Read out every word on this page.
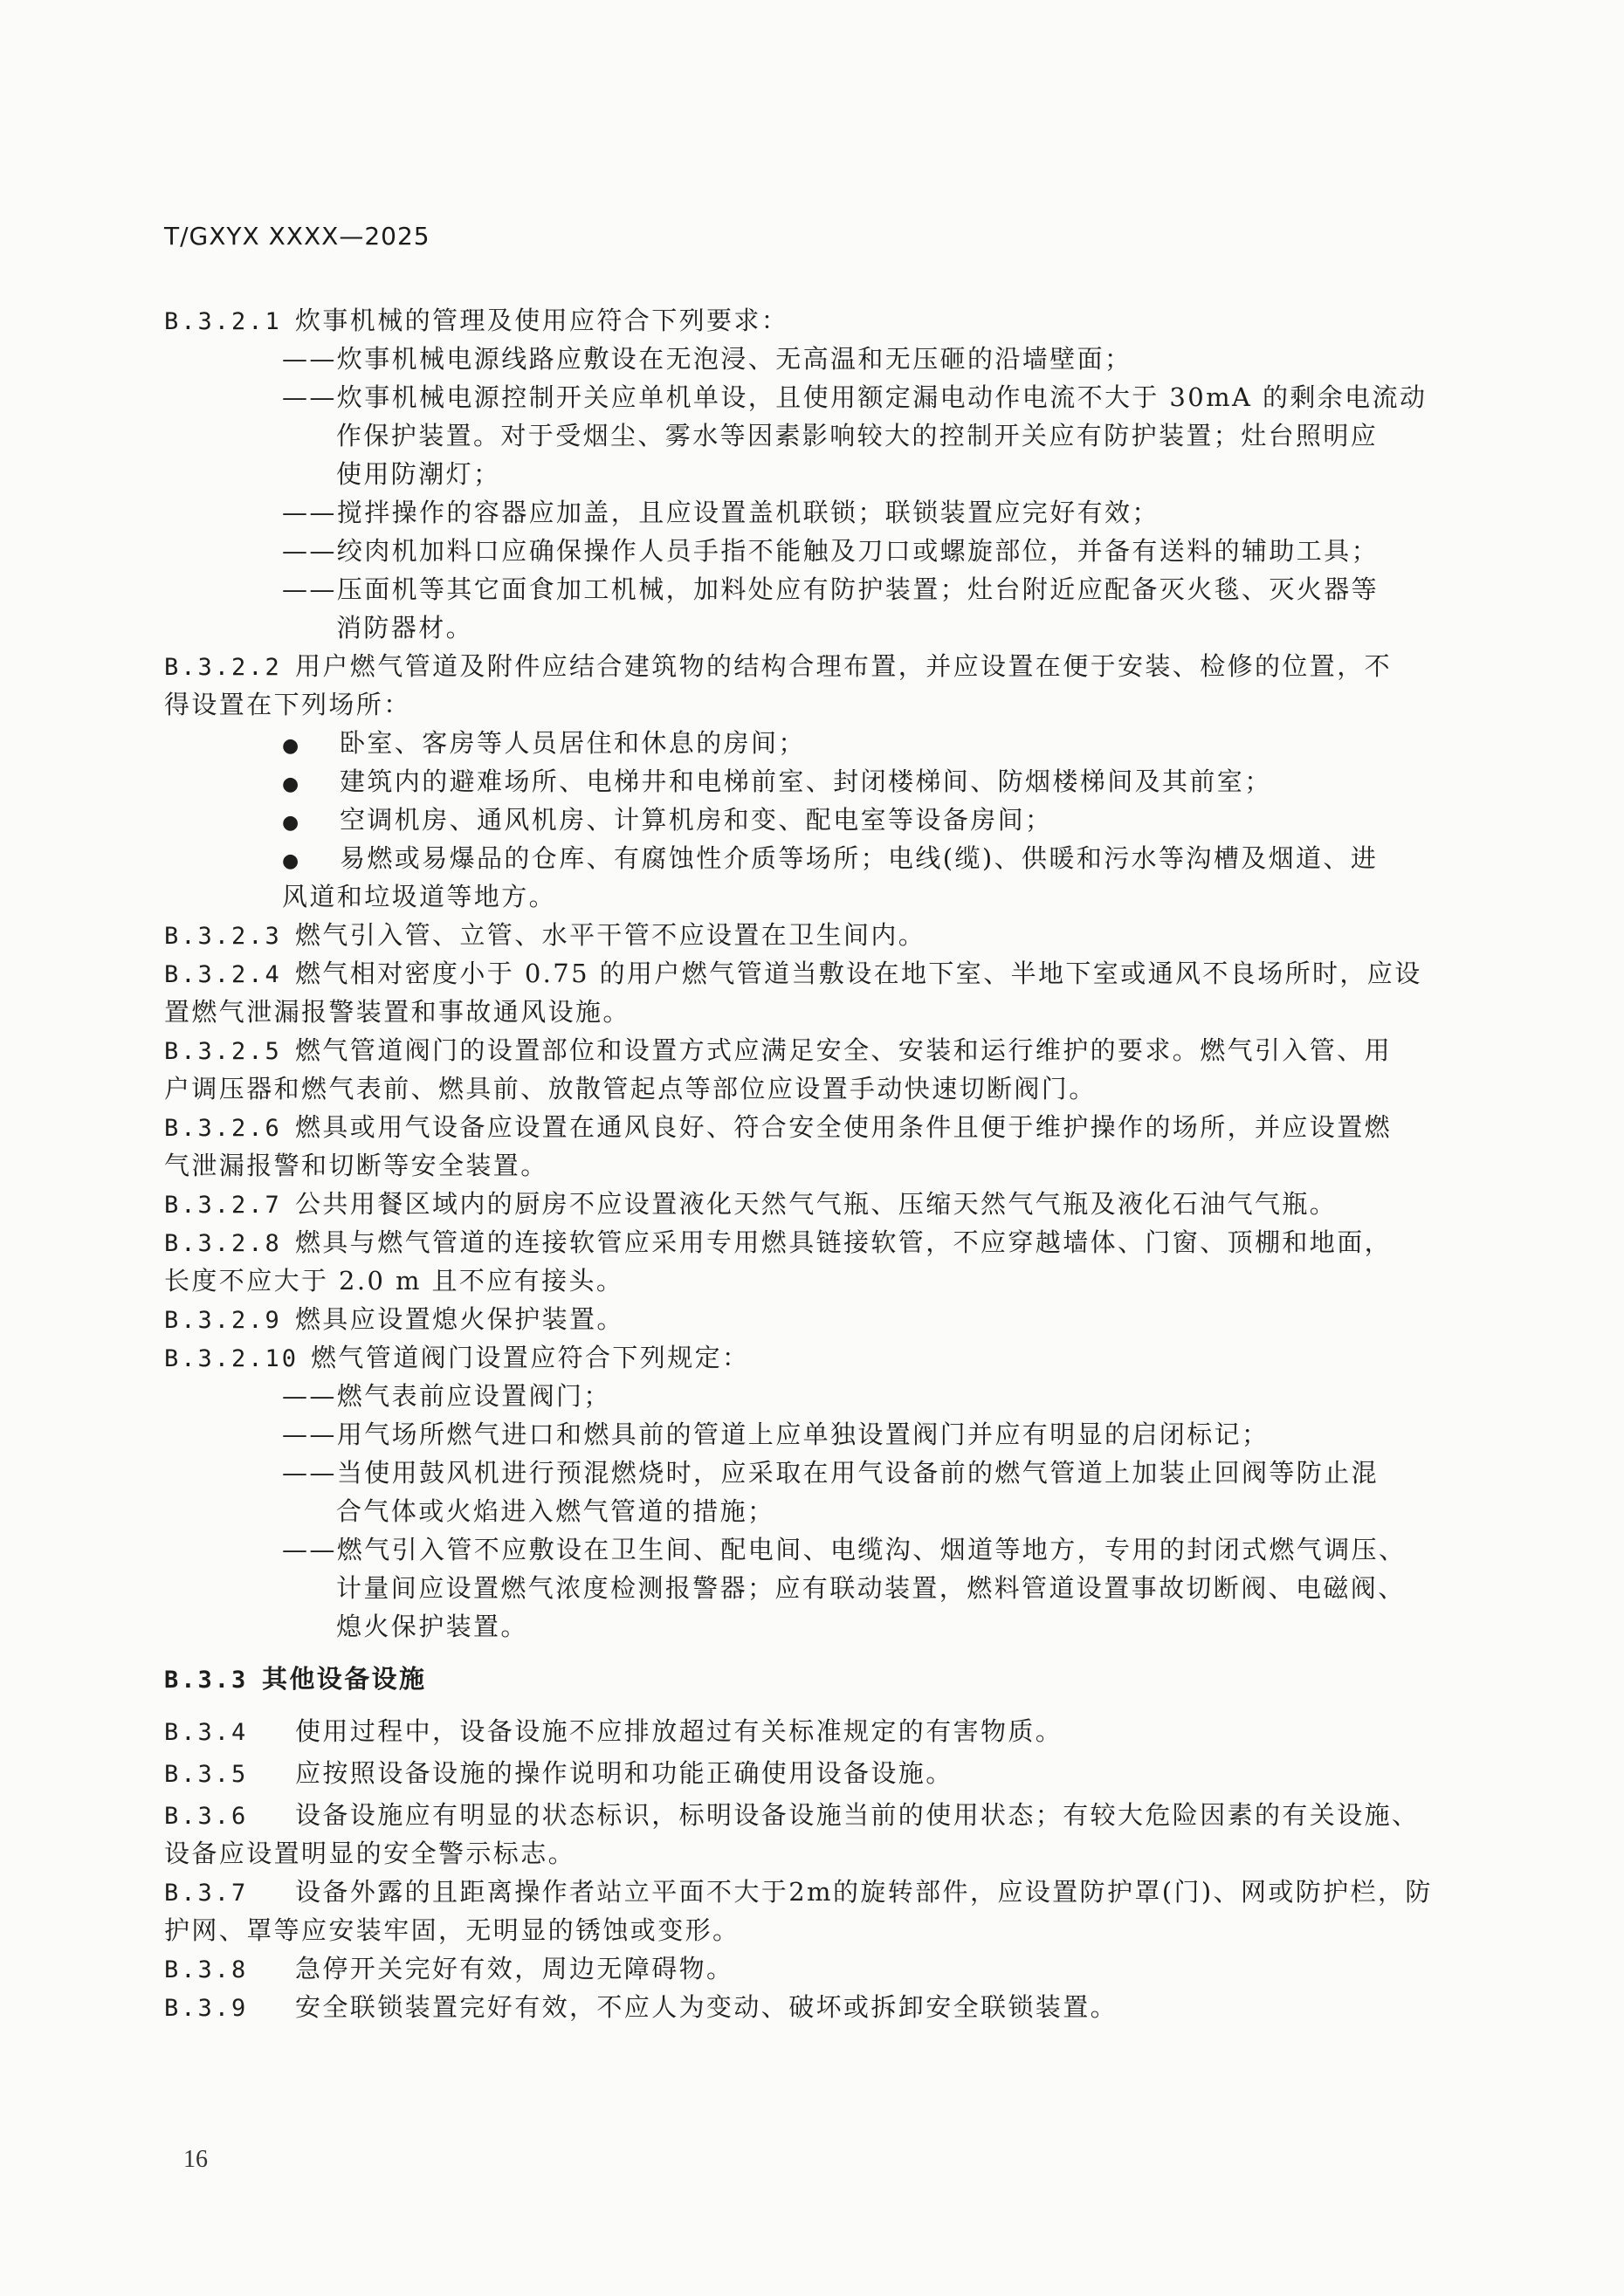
T/GXYX XXXX—2025
B.3.2.1 炊事机械的管理及使用应符合下列要求：
——炊事机械电源线路应敷设在无泡浸、无高温和无压砸的沿墙壁面；
——炊事机械电源控制开关应单机单设，且使用额定漏电动作电流不大于 30mA 的剩余电流动
作保护装置。对于受烟尘、雾水等因素影响较大的控制开关应有防护装置；灶台照明应
使用防潮灯；
——搅拌操作的容器应加盖，且应设置盖机联锁；联锁装置应完好有效；
——绞肉机加料口应确保操作人员手指不能触及刀口或螺旋部位，并备有送料的辅助工具；
——压面机等其它面食加工机械，加料处应有防护装置；灶台附近应配备灭火毯、灭火器等
消防器材。
B.3.2.2 用户燃气管道及附件应结合建筑物的结构合理布置，并应设置在便于安装、检修的位置，不
得设置在下列场所：
● 卧室、客房等人员居住和休息的房间；
● 建筑内的避难场所、电梯井和电梯前室、封闭楼梯间、防烟楼梯间及其前室；
● 空调机房、通风机房、计算机房和变、配电室等设备房间；
● 易燃或易爆品的仓库、有腐蚀性介质等场所；电线(缆)、供暖和污水等沟槽及烟道、进
风道和垃圾道等地方。
B.3.2.3 燃气引入管、立管、水平干管不应设置在卫生间内。
B.3.2.4 燃气相对密度小于 0.75 的用户燃气管道当敷设在地下室、半地下室或通风不良场所时，应设
置燃气泄漏报警装置和事故通风设施。
B.3.2.5 燃气管道阀门的设置部位和设置方式应满足安全、安装和运行维护的要求。燃气引入管、用
户调压器和燃气表前、燃具前、放散管起点等部位应设置手动快速切断阀门。
B.3.2.6 燃具或用气设备应设置在通风良好、符合安全使用条件且便于维护操作的场所，并应设置燃
气泄漏报警和切断等安全装置。
B.3.2.7 公共用餐区域内的厨房不应设置液化天然气气瓶、压缩天然气气瓶及液化石油气气瓶。
B.3.2.8 燃具与燃气管道的连接软管应采用专用燃具链接软管，不应穿越墙体、门窗、顶棚和地面，
长度不应大于 2.0 m 且不应有接头。
B.3.2.9 燃具应设置熄火保护装置。
B.3.2.10 燃气管道阀门设置应符合下列规定：
——燃气表前应设置阀门；
——用气场所燃气进口和燃具前的管道上应单独设置阀门并应有明显的启闭标记；
——当使用鼓风机进行预混燃烧时，应采取在用气设备前的燃气管道上加装止回阀等防止混
合气体或火焰进入燃气管道的措施；
——燃气引入管不应敷设在卫生间、配电间、电缆沟、烟道等地方，专用的封闭式燃气调压、
计量间应设置燃气浓度检测报警器；应有联动装置，燃料管道设置事故切断阀、电磁阀、
熄火保护装置。
B.3.3 其他设备设施
B.3.4 使用过程中，设备设施不应排放超过有关标准规定的有害物质。
B.3.5 应按照设备设施的操作说明和功能正确使用设备设施。
B.3.6 设备设施应有明显的状态标识，标明设备设施当前的使用状态；有较大危险因素的有关设施、
设备应设置明显的安全警示标志。
B.3.7 设备外露的且距离操作者站立平面不大于2m的旋转部件，应设置防护罩(门)、网或防护栏，防
护网、罩等应安装牢固，无明显的锈蚀或变形。
B.3.8 急停开关完好有效，周边无障碍物。
B.3.9 安全联锁装置完好有效，不应人为变动、破坏或拆卸安全联锁装置。
16
